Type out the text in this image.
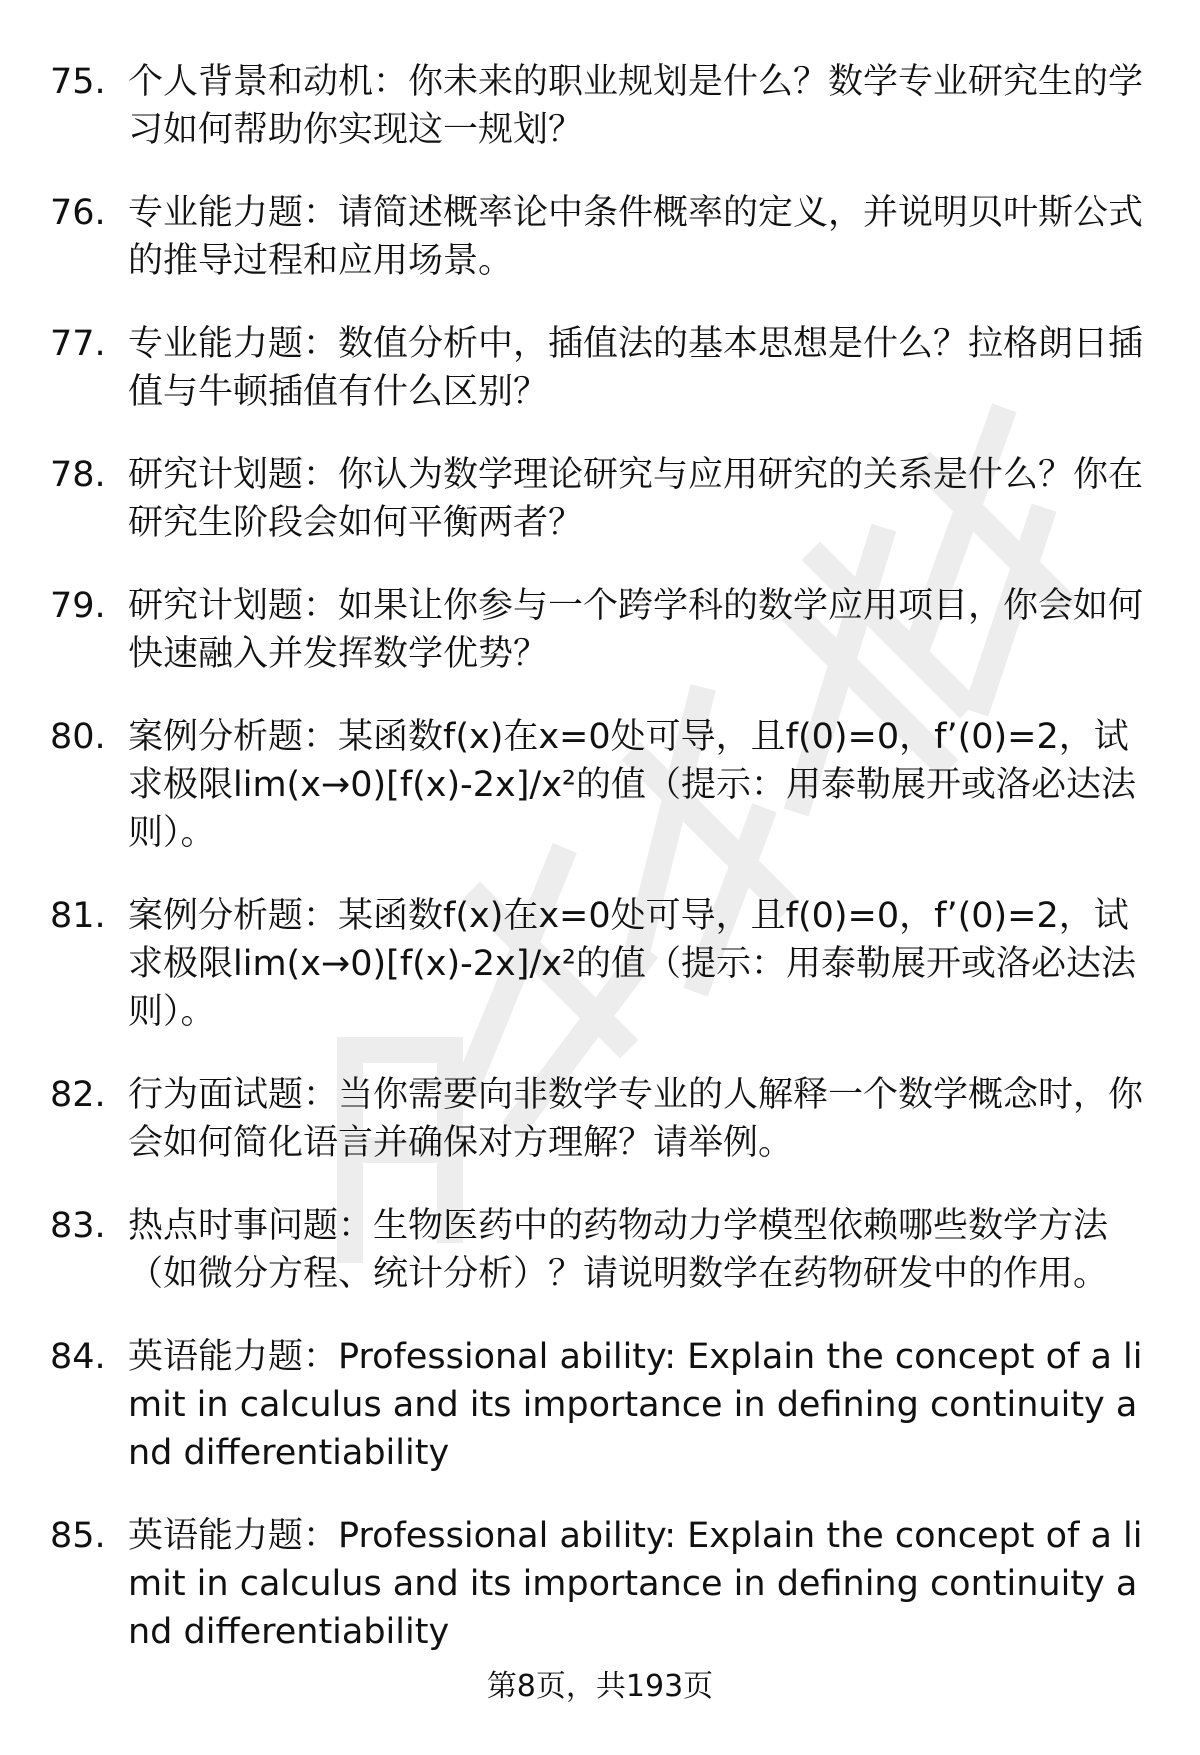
75. 个人背景和动机：你未来的职业规划是什么？数学专业研究生的学习如何帮助你实现这一规划？
76. 专业能力题：请简述概率论中条件概率的定义，并说明贝叶斯公式的推导过程和应用场景。
77. 专业能力题：数值分析中，插值法的基本思想是什么？拉格朗日插值与牛顿插值有什么区别？
78. 研究计划题：你认为数学理论研究与应用研究的关系是什么？你在研究生阶段会如何平衡两者？
79. 研究计划题：如果让你参与一个跨学科的数学应用项目，你会如何快速融入并发挥数学优势？
80. 案例分析题：某函数f(x)在x=0处可导，且f(0)=0，f’(0)=2，试求极限lim(x→0)[f(x)-2x]/x²的值（提示：用泰勒展开或洛必达法则）。
81. 案例分析题：某函数f(x)在x=0处可导，且f(0)=0，f’(0)=2，试求极限lim(x→0)[f(x)-2x]/x²的值（提示：用泰勒展开或洛必达法则）。
82. 行为面试题：当你需要向非数学专业的人解释一个数学概念时，你会如何简化语言并确保对方理解？请举例。
83. 热点时事问题：生物医药中的药物动力学模型依赖哪些数学方法（如微分方程、统计分析）？请说明数学在药物研发中的作用。
84. 英语能力题：Professional ability: Explain the concept of a limit in calculus and its importance in defining continuity and differentiability
85. 英语能力题：Professional ability: Explain the concept of a limit in calculus and its importance in defining continuity and differentiability
第8页，共193页
